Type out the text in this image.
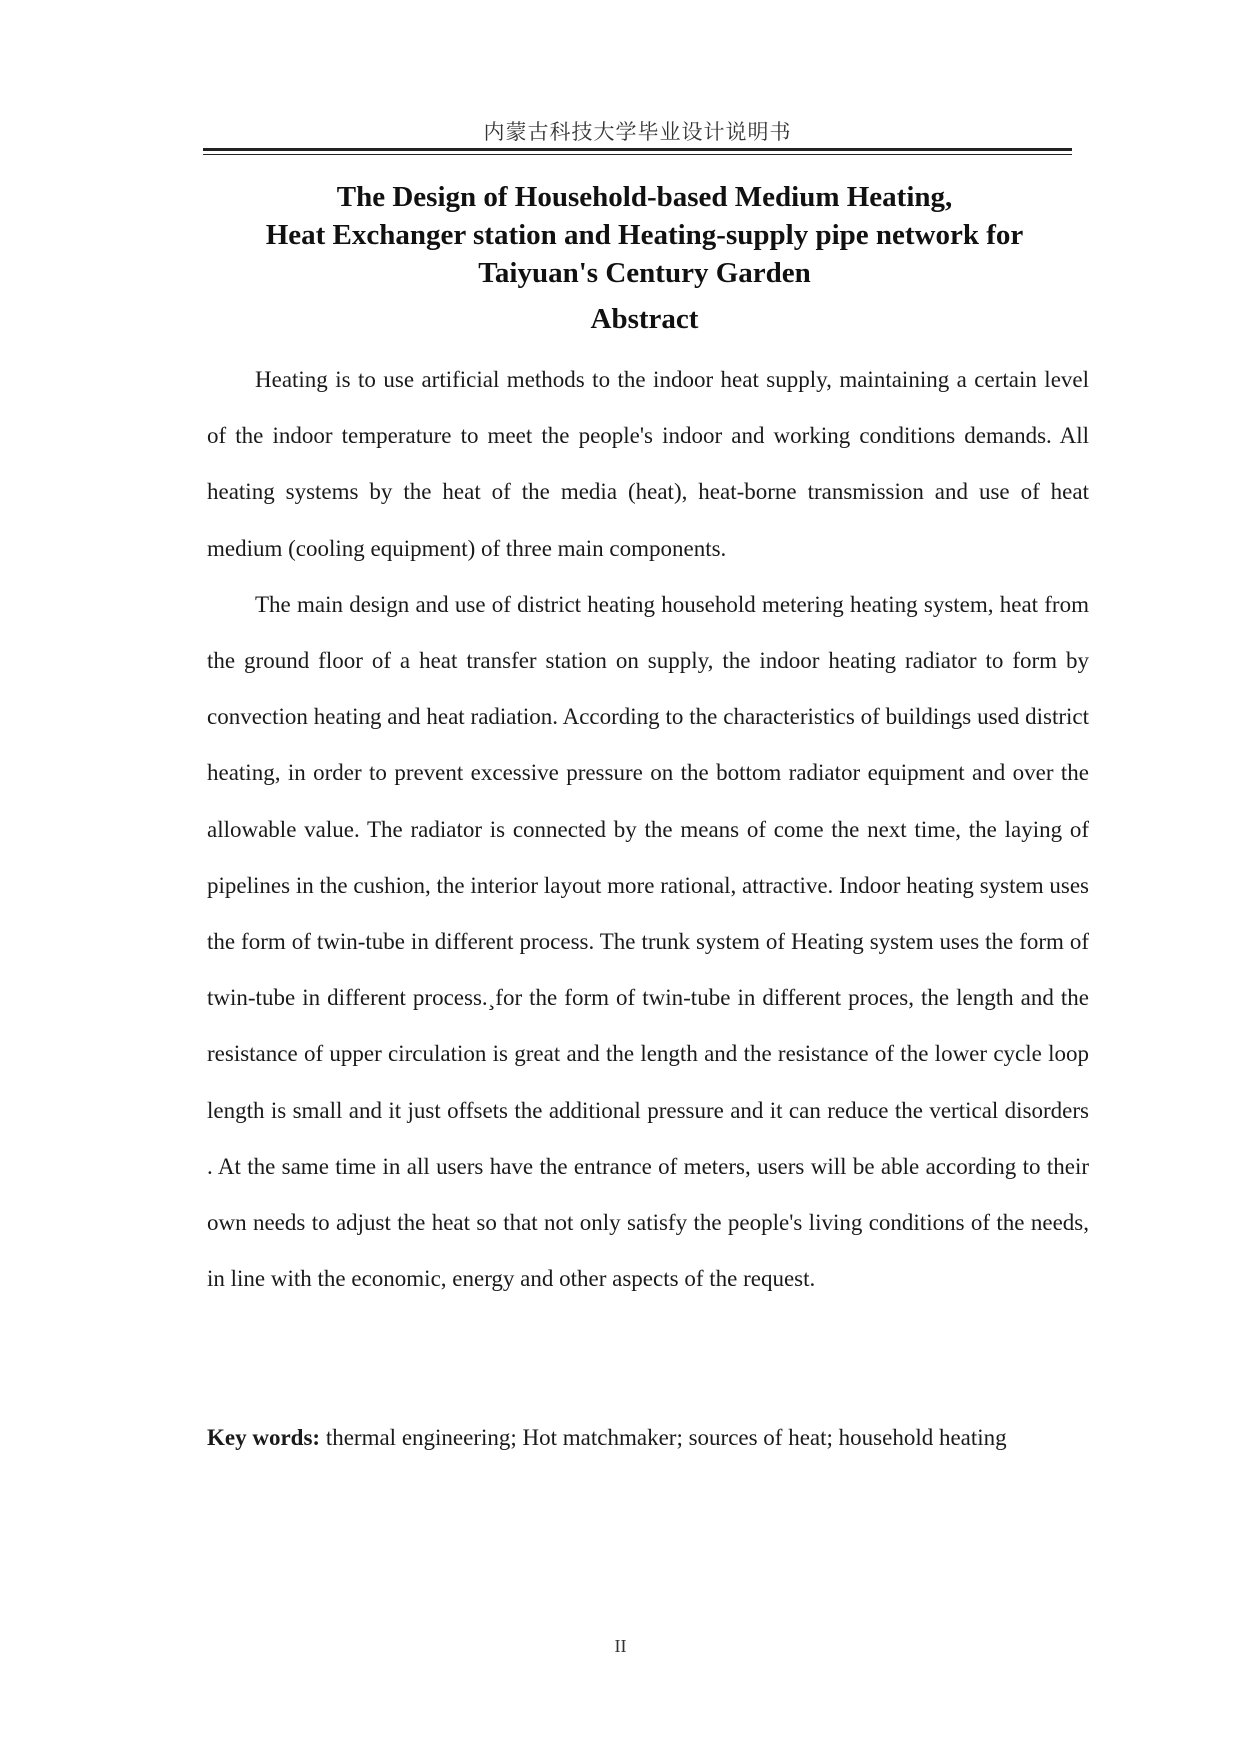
内蒙古科技大学毕业设计说明书
The Design of Household-based Medium Heating,
Heat Exchanger station and Heating-supply pipe network for
Taiyuan's Century Garden
Abstract

Heating is to use artificial methods to the indoor heat supply, maintaining a certain level of the indoor temperature to meet the people's indoor and working conditions demands. All heating systems by the heat of the media (heat), heat-borne transmission and use of heat medium (cooling equipment) of three main components.

The main design and use of district heating household metering heating system, heat from the ground floor of a heat transfer station on supply, the indoor heating radiator to form by convection heating and heat radiation. According to the characteristics of buildings used district heating, in order to prevent excessive pressure on the bottom radiator equipment and over the allowable value. The radiator is connected by the means of come the next time, the laying of pipelines in the cushion, the interior layout more rational, attractive. Indoor heating system uses the form of twin-tube in different process. The trunk system of Heating system uses the form of twin-tube in different process.¸for the form of twin-tube in different proces, the length and the resistance of upper circulation is great and the length and the resistance of the lower cycle loop length is small and it just offsets the additional pressure and it can reduce the vertical disorders . At the same time in all users have the entrance of meters, users will be able according to their own needs to adjust the heat so that not only satisfy the people's living conditions of the needs, in line with the economic, energy and other aspects of the request.

Key words: thermal engineering; Hot matchmaker; sources of heat; household heating
II
